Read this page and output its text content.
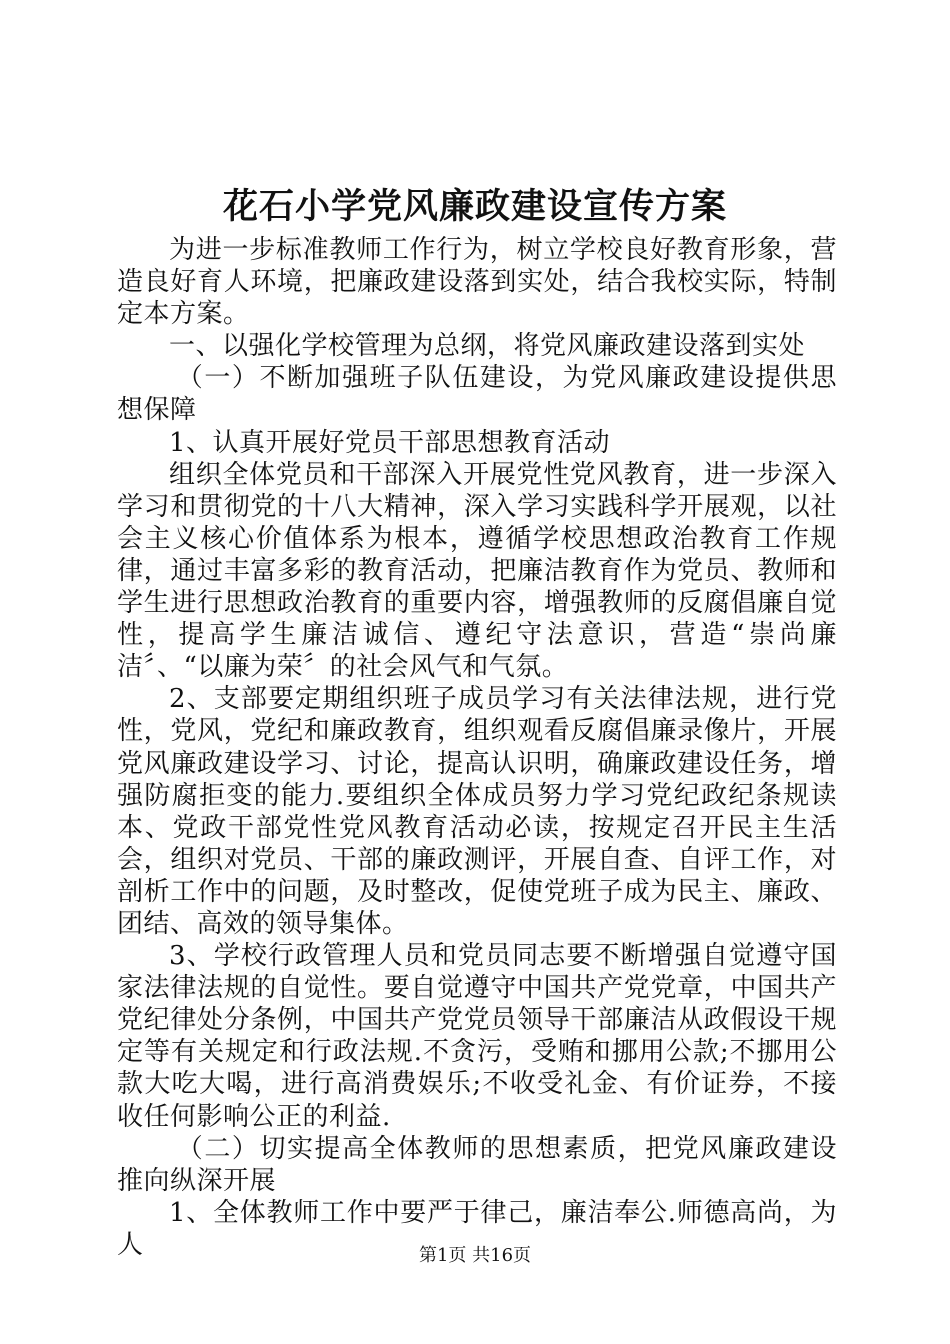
花石小学党风廉政建设宣传方案

为进一步标准教师工作行为，树立学校良好教育形象，营造良好育人环境，把廉政建设落到实处，结合我校实际，特制定本方案。

一、以强化学校管理为总纲，将党风廉政建设落到实处

（一）不断加强班子队伍建设，为党风廉政建设提供思想保障

1、认真开展好党员干部思想教育活动

组织全体党员和干部深入开展党性党风教育，进一步深入学习和贯彻党的十八大精神，深入学习实践科学开展观，以社会主义核心价值体系为根本，遵循学校思想政治教育工作规律，通过丰富多彩的教育活动，把廉洁教育作为党员、教师和学生进行思想政治教育的重要内容，增强教师的反腐倡廉自觉性，提高学生廉洁诚信、遵纪守法意识，营造“崇尚廉洁〞、“以廉为荣〞的社会风气和气氛。

2、支部要定期组织班子成员学习有关法律法规，进行党性，党风，党纪和廉政教育，组织观看反腐倡廉录像片，开展党风廉政建设学习、讨论，提高认识明，确廉政建设任务，增强防腐拒变的能力.要组织全体成员努力学习党纪政纪条规读本、党政干部党性党风教育活动必读，按规定召开民主生活会，组织对党员、干部的廉政测评，开展自查、自评工作，对剖析工作中的问题，及时整改，促使党班子成为民主、廉政、团结、高效的领导集体。

3、学校行政管理人员和党员同志要不断增强自觉遵守国家法律法规的自觉性。要自觉遵守中国共产党党章，中国共产党纪律处分条例，中国共产党党员领导干部廉洁从政假设干规定等有关规定和行政法规.不贪污，受贿和挪用公款;不挪用公款大吃大喝，进行高消费娱乐;不收受礼金、有价证券，不接收任何影响公正的利益.

（二）切实提高全体教师的思想素质，把党风廉政建设推向纵深开展

1、全体教师工作中要严于律己，廉洁奉公.师德高尚，为人	第1页 共16页
